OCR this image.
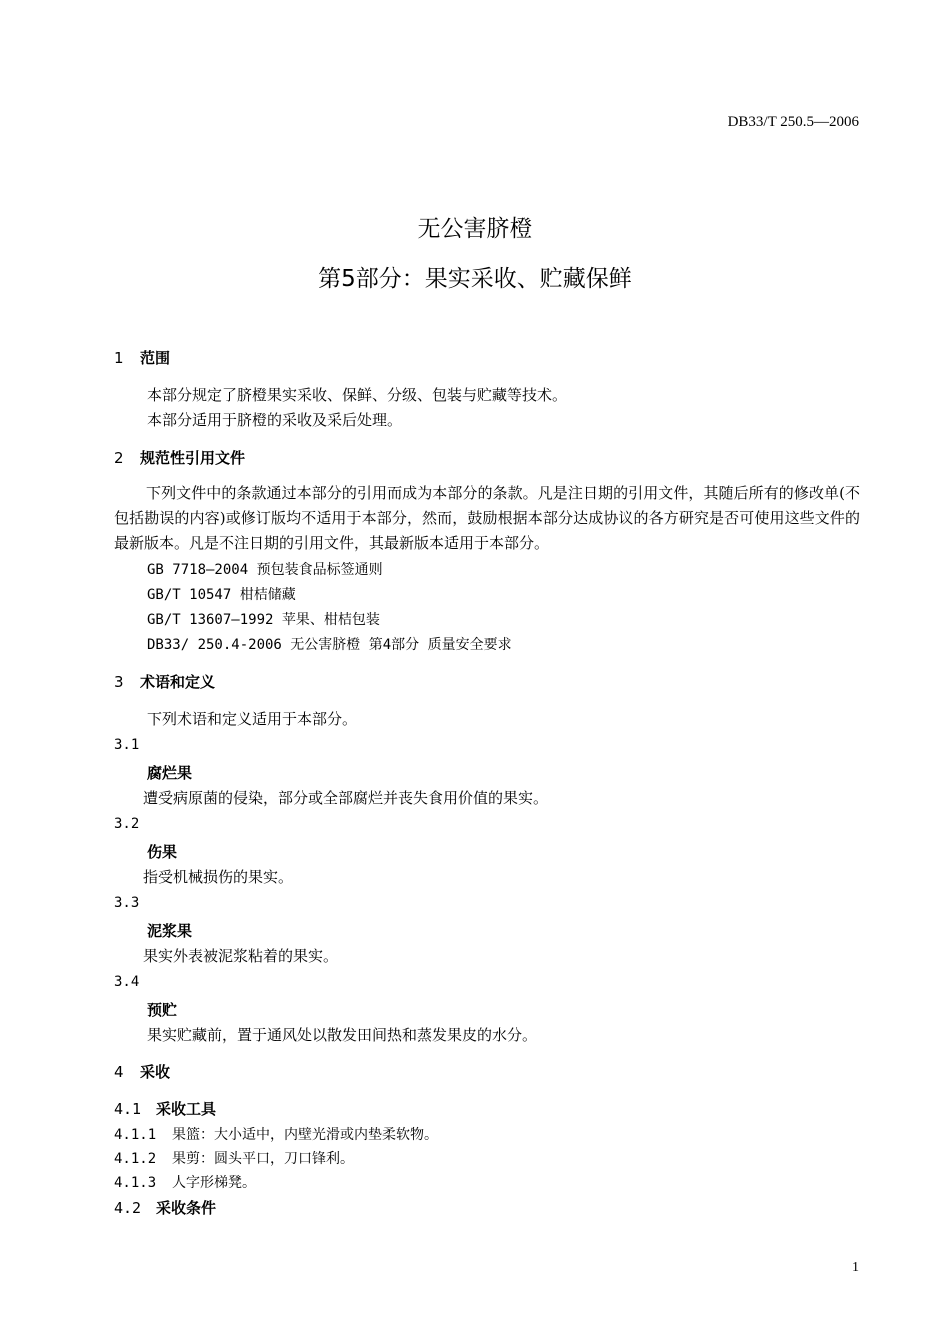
DB33/T 250.5—2006
无公害脐橙
第5部分：果实采收、贮藏保鲜
1 范围
本部分规定了脐橙果实采收、保鲜、分级、包装与贮藏等技术。
本部分适用于脐橙的采收及采后处理。
2 规范性引用文件
下列文件中的条款通过本部分的引用而成为本部分的条款。凡是注日期的引用文件，其随后所有的修改单(不包括勘误的内容)或修订版均不适用于本部分，然而，鼓励根据本部分达成协议的各方研究是否可使用这些文件的最新版本。凡是不注日期的引用文件，其最新版本适用于本部分。
GB 7718—2004 预包装食品标签通则
GB/T 10547 柑桔储藏
GB/T 13607—1992 苹果、柑桔包装
DB33/ 250.4-2006 无公害脐橙 第4部分 质量安全要求
3 术语和定义
下列术语和定义适用于本部分。
3.1
腐烂果
遭受病原菌的侵染，部分或全部腐烂并丧失食用价值的果实。
3.2
伤果
指受机械损伤的果实。
3.3
泥浆果
果实外表被泥浆粘着的果实。
3.4
预贮
果实贮藏前，置于通风处以散发田间热和蒸发果皮的水分。
4 采收
4.1 采收工具
4.1.1 果篮：大小适中，内壁光滑或内垫柔软物。
4.1.2 果剪：圆头平口，刀口锋利。
4.1.3 人字形梯凳。
4.2 采收条件
1
